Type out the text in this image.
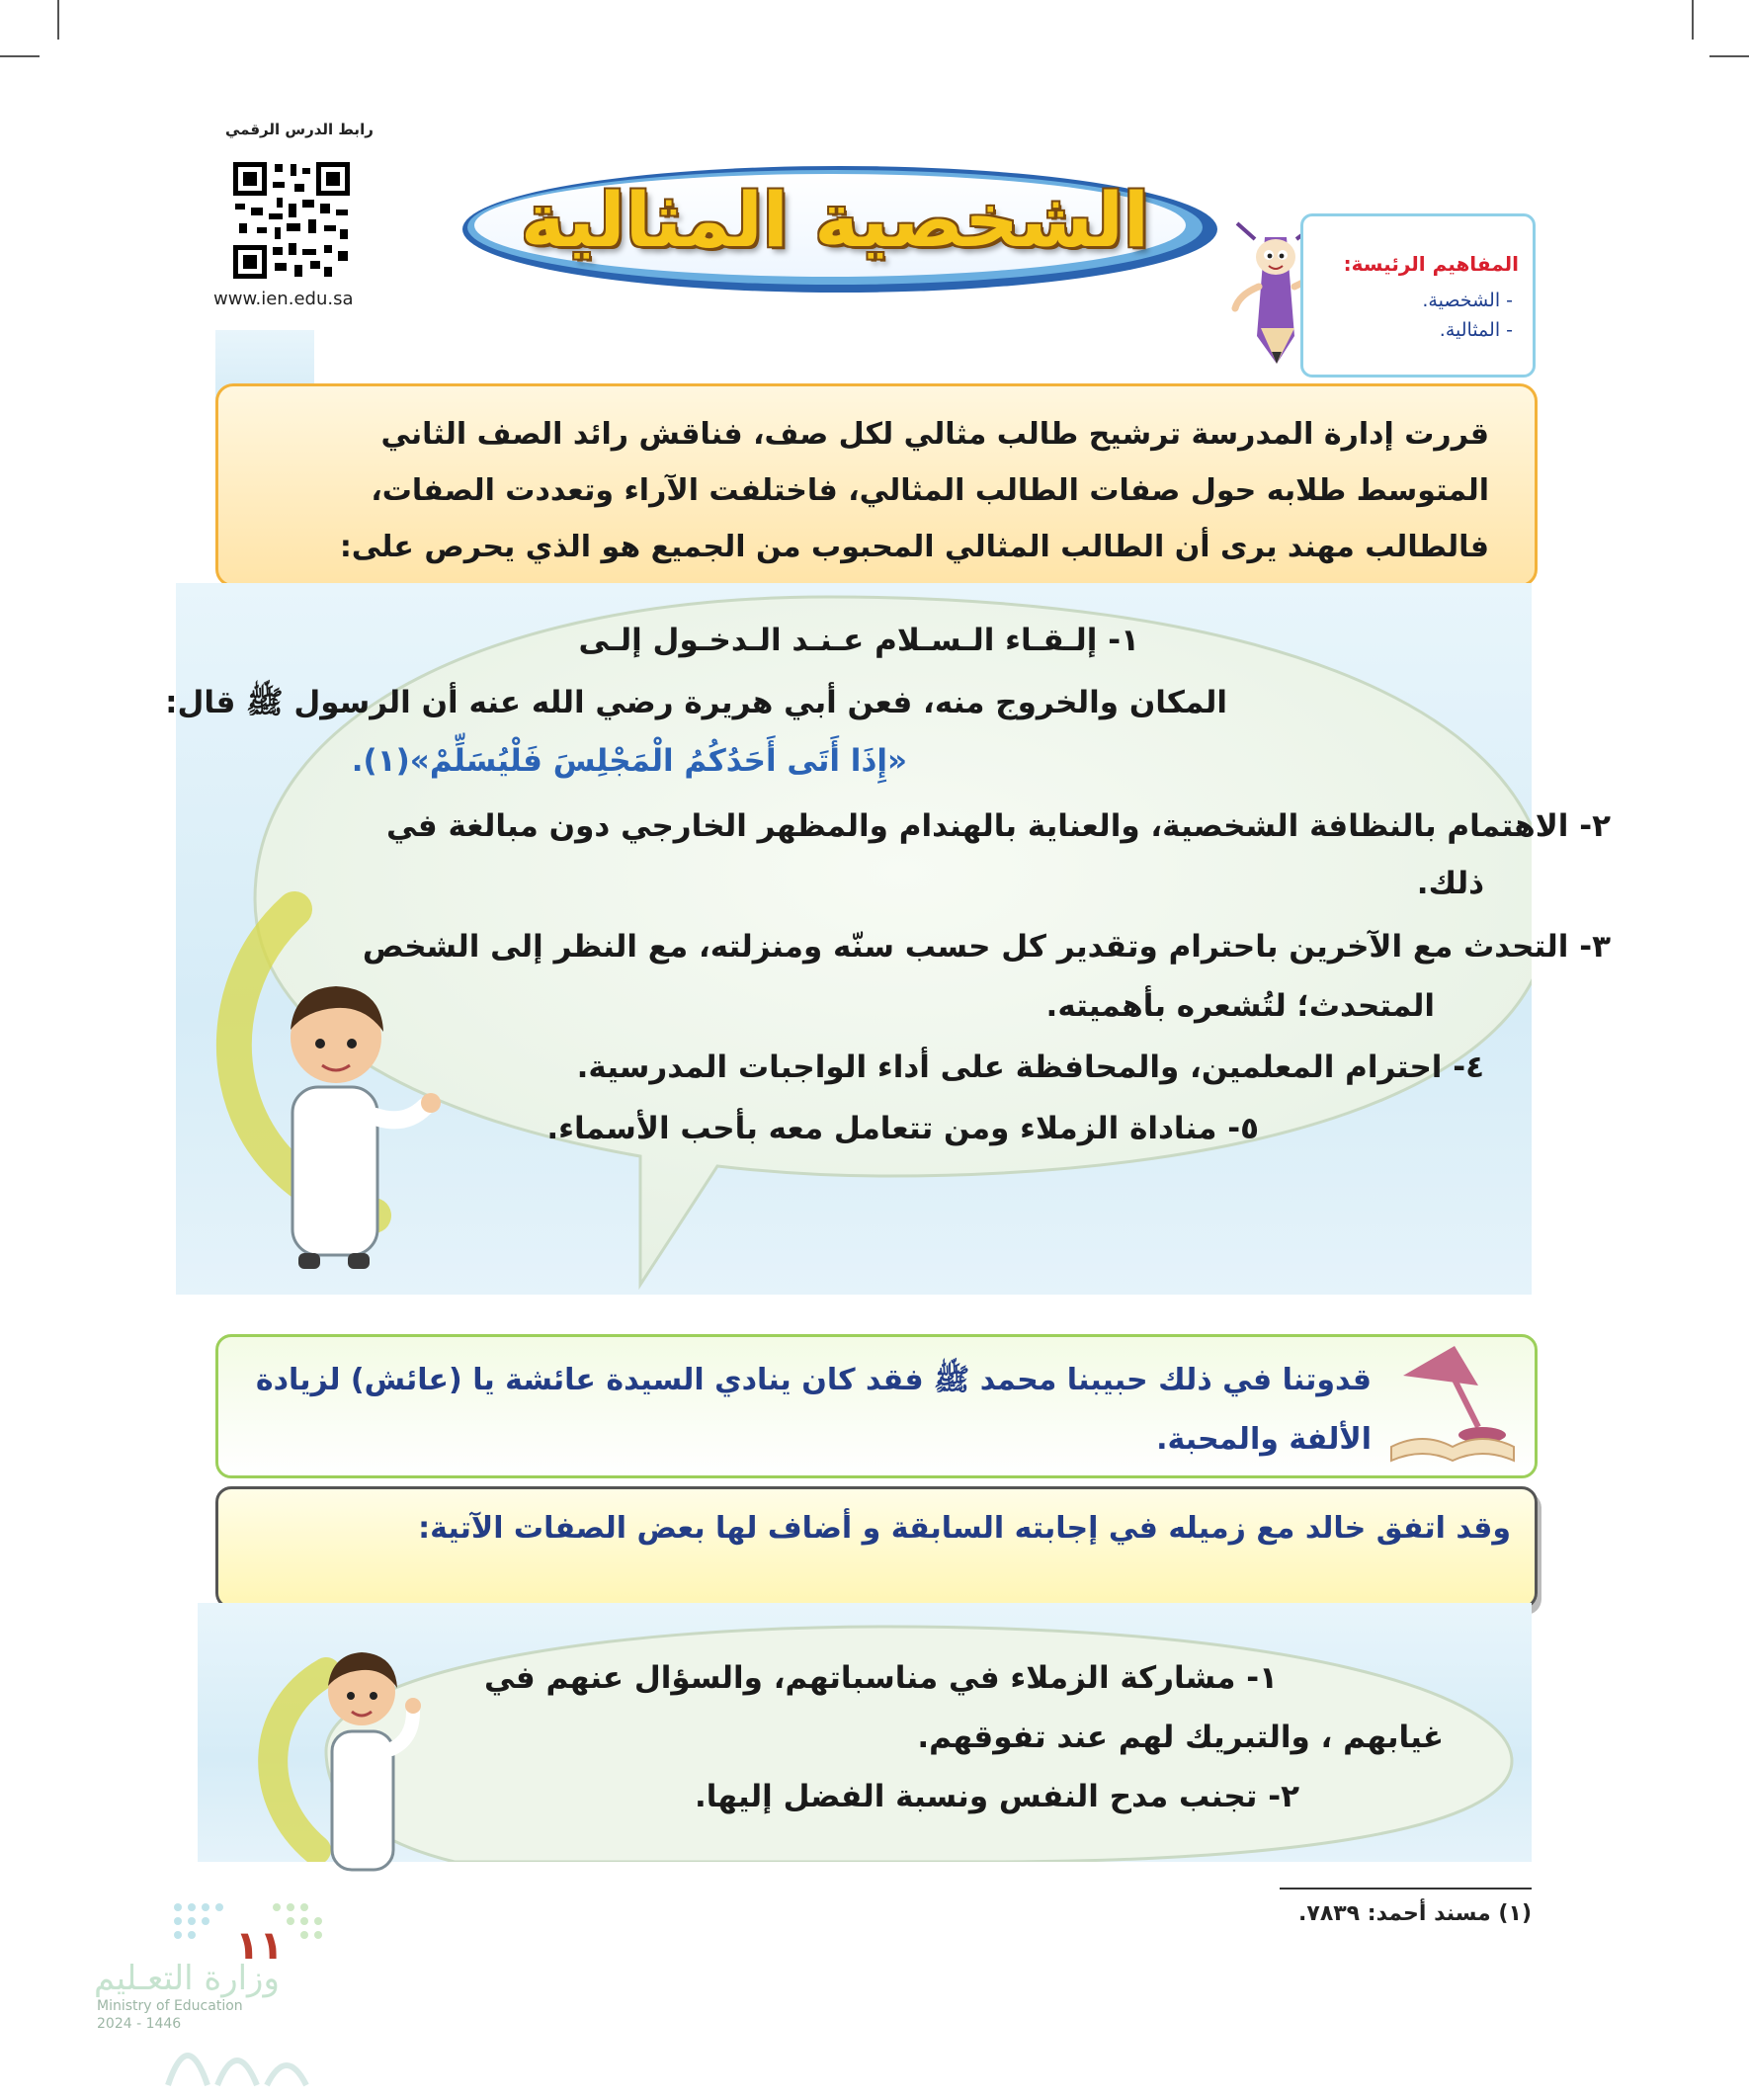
رابط الدرس الرقمي
www.ien.edu.sa
الشخصية المثالية	المفاهيم الرئيسة:
- الشخصية.
- المثالية.
قررت إدارة المدرسة ترشيح طالب مثالي لكل صف، فناقش رائد الصف الثاني المتوسط طلابه حول صفات الطالب المثالي، فاختلفت الآراء وتعددت الصفات، فالطالب مهند يرى أن الطالب المثالي المحبوب من الجميع هو الذي يحرص على:
١- إلـقـاء الـسـلام عـنـد الـدخـول إلـى
المكان والخروج منه، فعن أبي هريرة رضي الله عنه أن الرسول ﷺ قال:
«إِذَا أَتَى أَحَدُكُمُ الْمَجْلِسَ فَلْيُسَلِّمْ»(١).
٢- الاهتمام بالنظافة الشخصية، والعناية بالهندام والمظهر الخارجي دون مبالغة في
ذلك.
٣- التحدث مع الآخرين باحترام وتقدير كل حسب سنّه ومنزلته، مع النظر إلى الشخص
المتحدث؛ لتُشعره بأهميته.
٤- احترام المعلمين، والمحافظة على أداء الواجبات المدرسية.
٥- مناداة الزملاء ومن تتعامل معه بأحب الأسماء.
قدوتنا في ذلك حبيبنا محمد ﷺ فقد كان ينادي السيدة عائشة يا (عائش) لزيادة الألفة والمحبة.
وقد اتفق خالد مع زميله في إجابته السابقة و أضاف لها بعض الصفات الآتية:
١- مشاركة الزملاء في مناسباتهم، والسؤال عنهم في
غيابهم ، والتبريك لهم عند تفوقهم.
٢- تجنب مدح النفس ونسبة الفضل إليها.
(١) مسند أحمد: ٧٨٣٩.
١١
وزارة التعـليم
Ministry of Education
2024 - 1446
